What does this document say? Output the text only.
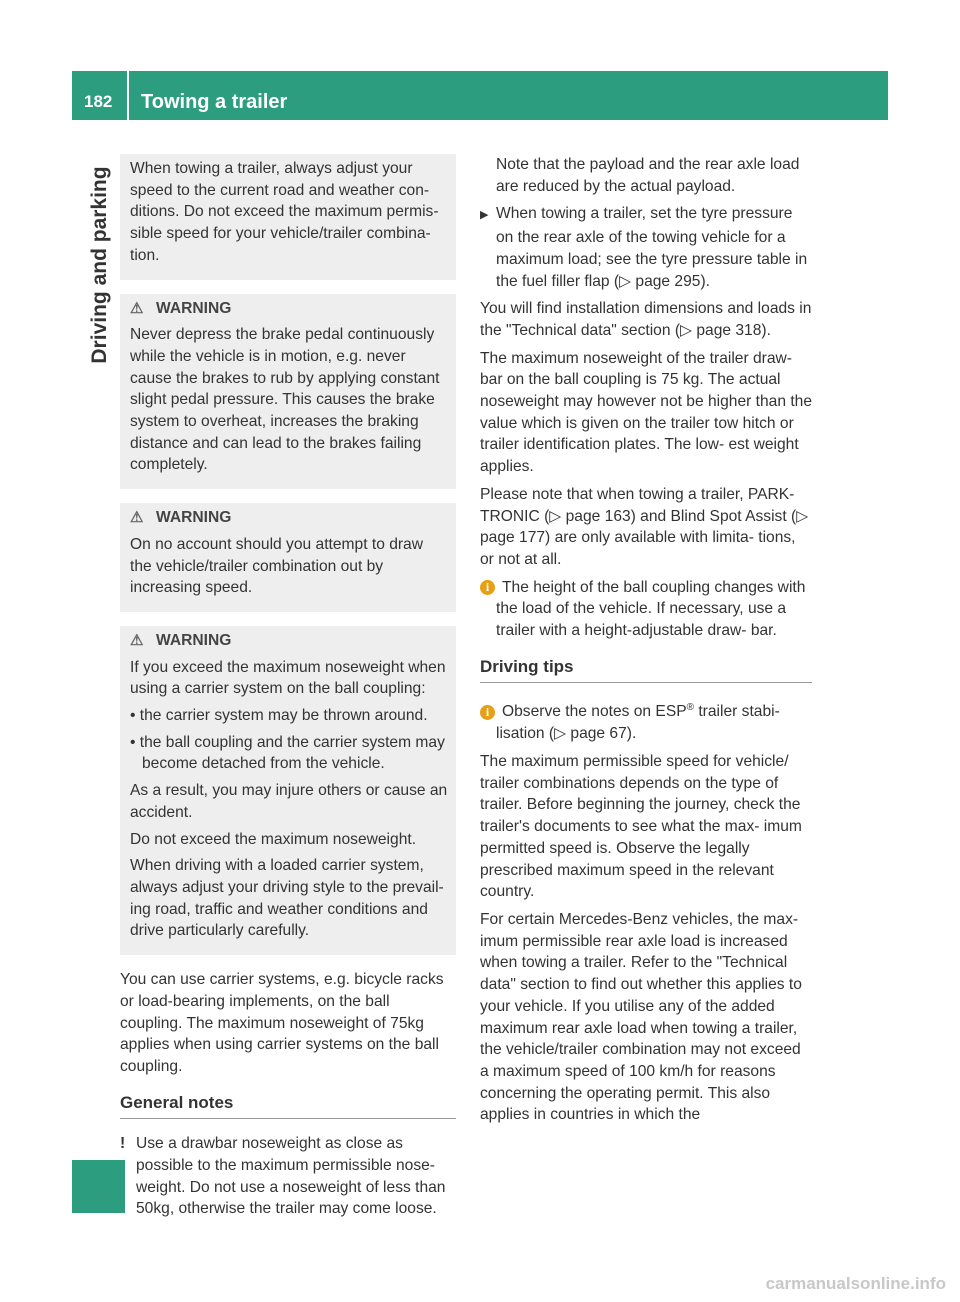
182 Towing a trailer
Driving and parking When towing a trailer, always adjust your speed to the current road and weather con- ditions. Do not exceed the maximum permis- sible speed for your vehicle/trailer combina- tion.

⚠ WARNING

Never depress the brake pedal continuously while the vehicle is in motion, e.g. never cause the brakes to rub by applying constant slight pedal pressure. This causes the brake system to overheat, increases the braking distance and can lead to the brakes failing completely.

⚠ WARNING

On no account should you attempt to draw the vehicle/trailer combination out by increasing speed.

⚠ WARNING

If you exceed the maximum noseweight when using a carrier system on the ball coupling:

• the carrier system may be thrown around.

• the ball coupling and the carrier system may become detached from the vehicle.

As a result, you may injure others or cause an accident.

Do not exceed the maximum noseweight.

When driving with a loaded carrier system, always adjust your driving style to the prevail- ing road, traffic and weather conditions and drive particularly carefully.

You can use carrier systems, e.g. bicycle racks or load-bearing implements, on the ball coupling. The maximum noseweight of 75kg applies when using carrier systems on the ball coupling.

General notes

! Use a drawbar noseweight as close as possible to the maximum permissible nose- weight. Do not use a noseweight of less than 50kg, otherwise the trailer may come loose.

Note that the payload and the rear axle load are reduced by the actual payload.

▶ When towing a trailer, set the tyre pressure on the rear axle of the towing vehicle for a maximum load; see the tyre pressure table in the fuel filler flap (▷ page 295).

You will find installation dimensions and loads in the "Technical data" section (▷ page 318).

The maximum noseweight of the trailer draw- bar on the ball coupling is 75 kg. The actual noseweight may however not be higher than the value which is given on the trailer tow hitch or trailer identification plates. The low- est weight applies.

Please note that when towing a trailer, PARK- TRONIC (▷ page 163) and Blind Spot Assist (▷ page 177) are only available with limita- tions, or not at all.

i The height of the ball coupling changes with the load of the vehicle. If necessary, use a trailer with a height-adjustable draw- bar.

Driving tips

i Observe the notes on ESP® trailer stabi- lisation (▷ page 67).

The maximum permissible speed for vehicle/ trailer combinations depends on the type of trailer. Before beginning the journey, check the trailer's documents to see what the max- imum permitted speed is. Observe the legally prescribed maximum speed in the relevant country.

For certain Mercedes-Benz vehicles, the max- imum permissible rear axle load is increased when towing a trailer. Refer to the "Technical data" section to find out whether this applies to your vehicle. If you utilise any of the added maximum rear axle load when towing a trailer, the vehicle/trailer combination may not exceed a maximum speed of 100 km/h for reasons concerning the operating permit. This also applies in countries in which the

carmanualsonline.info
